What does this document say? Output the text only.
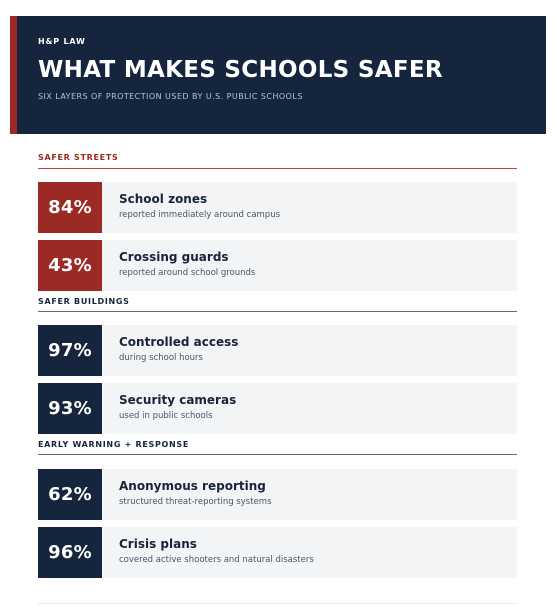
H&P LAW
WHAT MAKES SCHOOLS SAFER
SIX LAYERS OF PROTECTION USED BY U.S. PUBLIC SCHOOLS
SAFER STREETS
84%	School zones
reported immediately around campus
43%	Crossing guards
reported around school grounds
SAFER BUILDINGS
97%	Controlled access
during school hours
93%	Security cameras
used in public schools
EARLY WARNING + RESPONSE
62%	Anonymous reporting
structured threat-reporting systems
96%	Crisis plans
covered active shooters and natural disasters
